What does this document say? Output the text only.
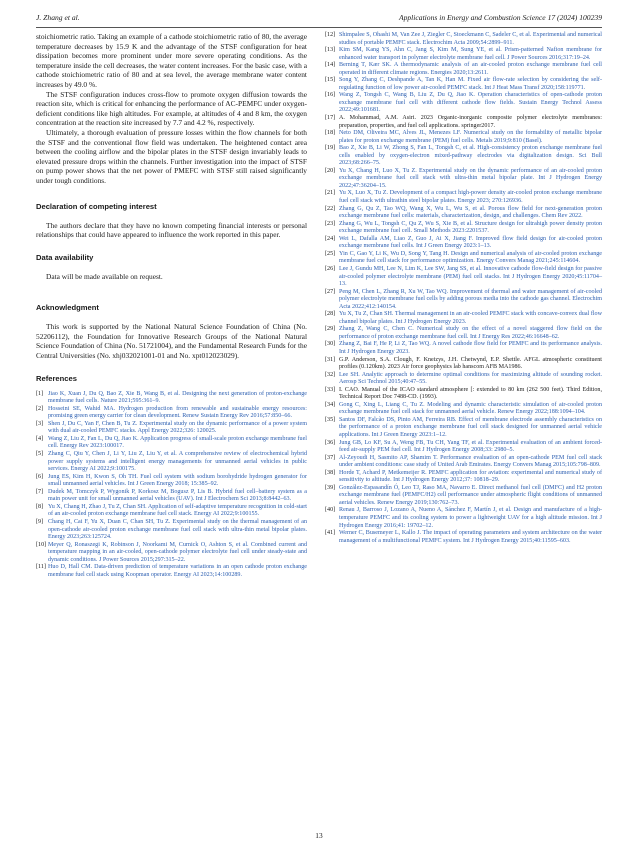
J. Zhang et al.	Applications in Energy and Combustion Science 17 (2024) 100239

stoichiometric ratio. Taking an example of a cathode stoichiometric ratio of 80, the average temperature decreases by 15.9 K and the advantage of the STSF configuration for heat dissipation becomes more prominent under more severe operating conditions. As the temperature inside the cell decreases, the water content increases. For the basic case, with a cathode stoichiometric ratio of 80 and at sea level, the average membrane water content increases by 49.0 %.

The STSF configuration induces cross-flow to promote oxygen diffusion towards the reaction site, which is critical for enhancing the performance of AC-PEMFC under oxygen-deficient conditions like high altitudes. For example, at altitudes of 4 and 8 km, the oxygen concentration at the reaction site increased by 7.7 and 4.2 %, respectively.

Ultimately, a thorough evaluation of pressure losses within the flow channels for both the STSF and the conventional flow field was undertaken. The heightened contact area between the cooling airflow and the bipolar plates in the STSF design invariably leads to elevated pressure drops within the channels. Further investigation into the impact of STSF on pump power shows that the net power of PMEFC with STSF still raised significantly under tough conditions.

Declaration of competing interest

The authors declare that they have no known competing financial interests or personal relationships that could have appeared to influence the work reported in this paper.

Data availability

Data will be made available on request.

Acknowledgment

This work is supported by the National Natural Science Foundation of China (No. 52206112), the Foundation for Innovative Research Groups of the National Natural Science Foundation of China (No. 51721004), and the Fundamental Research Funds for the Central Universities (No. xhj032021001-01 and No. xpt012023029).

References

[1] Jiao K, Xuan J, Du Q, Bao Z, Xie B, Wang B, et al. Designing the next generation of proton-exchange membrane fuel cells. Nature 2021;595:361–9.
[2] Hosseini SE, Wahid MA. Hydrogen production from renewable and sustainable energy resources: promising green energy carrier for clean development. Renew Sustain Energy Rev 2016;57:850–66.
[3] Shen J, Du C, Yan F, Chen B, Tu Z. Experimental study on the dynamic performance of a power system with dual air-cooled PEMFC stacks. Appl Energy 2022;326: 120025.
[4] Wang Z, Liu Z, Fan L, Du Q, Jiao K. Application progress of small-scale proton exchange membrane fuel cell. Energy Rev 2023:100017.
[5] Zhang C, Qiu Y, Chen J, Li Y, Liu Z, Liu Y, et al. A comprehensive review of electrochemical hybrid power supply systems and intelligent energy managements for unmanned aerial vehicles in public services. Energy AI 2022;9:100175.
[6] Jung ES, Kim H, Kwon S, Oh TH. Fuel cell system with sodium borohydride hydrogen generator for small unmanned aerial vehicles. Int J Green Energy 2018; 15:385–92.
[7] Dudek M, Tomczyk P, Wygonik P, Korkosz M, Bogusz P, Lis B. Hybrid fuel cell–battery system as a main power unit for small unmanned aerial vehicles (UAV). Int J Electrochem Sci 2013;8:8442–63.
[8] Yu X, Chang H, Zhao J, Tu Z, Chan SH. Application of self-adaptive temperature recognition in cold-start of an air-cooled proton exchange membrane fuel cell stack. Energy AI 2022;9:100155.
[9] Chang H, Cai F, Yu X, Duan C, Chan SH, Tu Z. Experimental study on the thermal management of an open-cathode air-cooled proton exchange membrane fuel cell stack with ultra-thin metal bipolar plates. Energy 2023;263:125724.
[10] Meyer Q, Ronaszegi K, Robinson J, Noorkami M, Curnick O, Ashton S, et al. Combined current and temperature mapping in an air-cooled, open-cathode polymer electrolyte fuel cell under steady-state and dynamic conditions. J Power Sources 2015;297:315–22.
[11] Huo D, Hall CM. Data-driven prediction of temperature variations in an open cathode proton exchange membrane fuel cell stack using Koopman operator. Energy AI 2023;14:100289.
[12] Shimpalee S, Ohashi M, Van Zee J, Ziegler C, Stoeckmann C, Sadeler C, et al. Experimental and numerical studies of portable PEMFC stack. Electrochim Acta 2009;54:2899–911.
[13] Kim SM, Kang YS, Ahn C, Jang S, Kim M, Sung YE, et al. Prism-patterned Nafion membrane for enhanced water transport in polymer electrolyte membrane fuel cell. J Power Sources 2016;317:19–24.
[14] Berning T, Kær SK. A thermodynamic analysis of an air-cooled proton exchange membrane fuel cell operated in different climate regions. Energies 2020;13:2611.
[15] Song Y, Zhang C, Deshpande A, Tan K, Han M. Fixed air flow-rate selection by considering the self-regulating function of low power air-cooled PEMFC stack. Int J Heat Mass Transf 2020;158:119771.
[16] Wang Z, Tongsh C, Wang B, Liu Z, Du Q, Jiao K. Operation characteristics of open-cathode proton exchange membrane fuel cell with different cathode flow fields. Sustain Energy Technol Assess 2022;49:101681.
[17] A. Mohammad, A.M. Asiri. 2023 Organic-inorganic composite polymer electrolyte membranes: preparation, properties, and fuel cell applications. springer2017.
[18] Neto DM, Oliveira MC, Alves JL, Menezes LF. Numerical study on the formability of metallic bipolar plates for proton exchange membrane (PEM) fuel cells. Metals 2019;9:810 (Basel).
[19] Bao Z, Xie B, Li W, Zhong S, Fan L, Tongsh C, et al. High-consistency proton exchange membrane fuel cells enabled by oxygen-electron mixed-pathway electrodes via digitalization design. Sci Bull 2023;68:266–75.
[20] Yu X, Chang H, Luo X, Tu Z. Experimental study on the dynamic performance of an air-cooled proton exchange membrane fuel cell stack with ultra-thin metal bipolar plate. Int J Hydrogen Energy 2022;47:36204–15.
[21] Yu X, Luo X, Tu Z. Development of a compact high-power density air-cooled proton exchange membrane fuel cell stack with ultrathin steel bipolar plates. Energy 2023; 270:126936.
[22] Zhang G, Qu Z, Tao WQ, Wang X, Wu L, Wu S, et al. Porous flow field for next-generation proton exchange membrane fuel cells: materials, characterization, design, and challenges. Chem Rev 2022.
[23] Zhang G, Wu L, Tongsh C, Qu Z, Wu S, Xie B, et al. Structure design for ultrahigh power density proton exchange membrane fuel cell. Small Methods 2023:2201537.
[24] Wei L, Dafalla AM, Liao Z, Guo J, Ai X, Jiang F. Improved flow field design for air-cooled proton exchange membrane fuel cells. Int J Green Energy 2023:1–13.
[25] Yin C, Gao Y, Li K, Wu D, Song Y, Tang H. Design and numerical analysis of air-cooled proton exchange membrane fuel cell stack for performance optimization. Energy Convers Manag 2021;245:114604.
[26] Lee J, Gundu MH, Lee N, Lim K, Lee SW, Jang SS, et al. Innovative cathode flow-field design for passive air-cooled polymer electrolyte membrane (PEM) fuel cell stacks. Int J Hydrogen Energy 2020;45:11704–13.
[27] Peng M, Chen L, Zhang R, Xu W, Tao WQ. Improvement of thermal and water management of air-cooled polymer electrolyte membrane fuel cells by adding porous media into the cathode gas channel. Electrochim Acta 2022;412:140154.
[28] Yu X, Tu Z, Chan SH. Thermal management in an air-cooled PEMFC stack with concave-convex dual flow channel bipolar plates. Int J Hydrogen Energy 2023.
[29] Zhang Z, Wang C, Chen C. Numerical study on the effect of a novel staggered flow field on the performance of proton exchange membrane fuel cell. Int J Energy Res 2022;46:16648–62.
[30] Zhang Z, Bai F, He P, Li Z, Tao WQ. A novel cathode flow field for PEMFC and its performance analysis. Int J Hydrogen Energy 2023.
[31] G.P. Anderson, S.A. Clough, F. Kneizys, J.H. Chetwynd, E.P. Shettle. AFGL atmospheric constituent profiles (0.120km). 2023 Air force geophysics lab hanscom AFB MA1986.
[32] Lee SH. Analytic approach to determine optimal conditions for maximizing altitude of sounding rocket. Aerosp Sci Technol 2015;40:47–55.
[33] I. CAO. Manual of the ICAO standard atmosphere [: extended to 80 km (262 500 feet). Third Edition, Technical Report Doc 7488-CD. (1993).
[34] Gong C, Xing L, Liang C, Tu Z. Modeling and dynamic characteristic simulation of air-cooled proton exchange membrane fuel cell stack for unmanned aerial vehicle. Renew Energy 2022;188:1094–104.
[35] Santos DF, Falcão DS, Pinto AM, Ferreira RB. Effect of membrane electrode assembly characteristics on the performance of a proton exchange membrane fuel cell stack designed for unmanned aerial vehicle applications. Int J Green Energy 2023:1–12.
[36] Jung GB, Lo KF, Su A, Weng FB, Tu CH, Yang TF, et al. Experimental evaluation of an ambient forced-feed air-supply PEM fuel cell. Int J Hydrogen Energy 2008;33: 2980–5.
[37] Al-Zeyoudi H, Sasmito AP, Shamim T. Performance evaluation of an open-cathode PEM fuel cell stack under ambient conditions: case study of United Arab Emirates. Energy Convers Manag 2015;105:798–809.
[38] Horde T, Achard P, Metkemeijer R. PEMFC application for aviation: experimental and numerical study of sensitivity to altitude. Int J Hydrogen Energy 2012;37: 10818–29.
[39] González-Espasandín Ó, Leo TJ, Raso MA, Navarro E. Direct methanol fuel cell (DMFC) and H2 proton exchange membrane fuel (PEMFC/H2) cell performance under atmospheric flight conditions of unmanned aerial vehicles. Renew Energy 2019;130:762–73.
[40] Renau J, Barroso J, Lozano A, Nueno A, Sánchez F, Martín J, et al. Design and manufacture of a high-temperature PEMFC and its cooling system to power a lightweight UAV for a high altitude mission. Int J Hydrogen Energy 2016;41: 19702–12.
[41] Werner C, Busemeyer L, Kallo J. The impact of operating parameters and system architecture on the water management of a multifunctional PEMFC system. Int J Hydrogen Energy 2015;40:11595–603.
13
